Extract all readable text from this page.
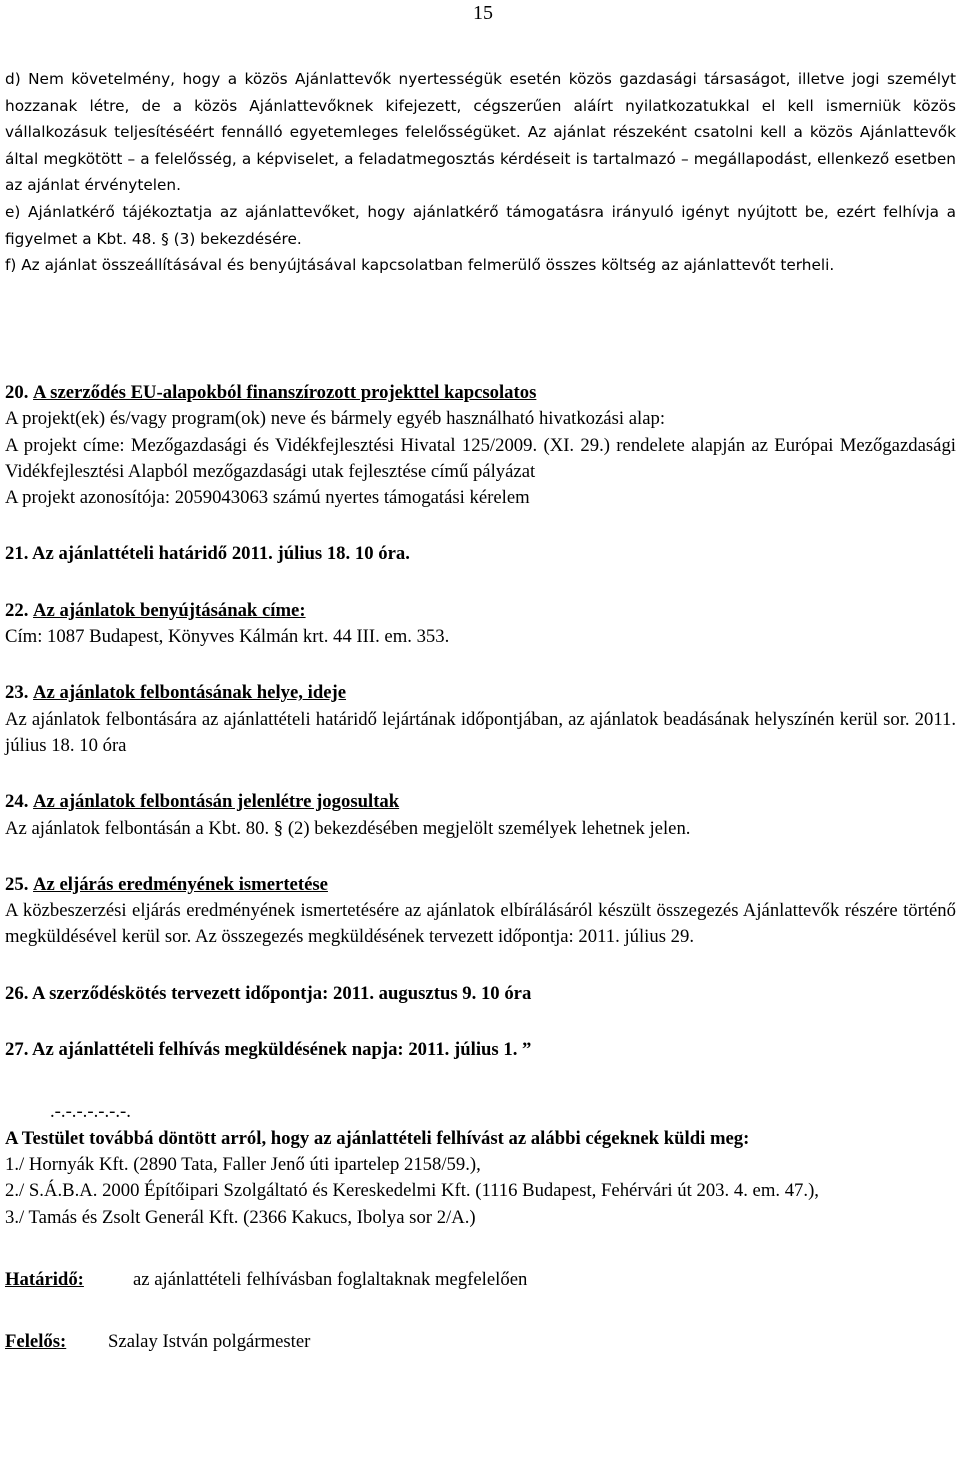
15

d) Nem követelmény, hogy a közös Ajánlattevők nyertességük esetén közös gazdasági társaságot, illetve jogi személyt hozzanak létre, de a közös Ajánlattevőknek kifejezett, cégszerűen aláírt nyilatkozatukkal el kell ismerniük közös vállalkozásuk teljesítéséért fennálló egyetemleges felelősségüket. Az ajánlat részeként csatolni kell a közös Ajánlattevők által megkötött – a felelősség, a képviselet, a feladatmegosztás kérdéseit is tartalmazó – megállapodást, ellenkező esetben az ajánlat érvénytelen.

e) Ajánlatkérő tájékoztatja az ajánlattevőket, hogy ajánlatkérő támogatásra irányuló igényt nyújtott be, ezért felhívja a figyelmet a Kbt. 48. § (3) bekezdésére.

f) Az ajánlat összeállításával és benyújtásával kapcsolatban felmerülő összes költség az ajánlattevőt terheli.

20. A szerződés EU-alapokból finanszírozott projekttel kapcsolatos

A projekt(ek) és/vagy program(ok) neve és bármely egyéb használható hivatkozási alap:

A projekt címe: Mezőgazdasági és Vidékfejlesztési Hivatal 125/2009. (XI. 29.) rendelete alapján az Európai Mezőgazdasági Vidékfejlesztési Alapból mezőgazdasági utak fejlesztése című pályázat

A projekt azonosítója: 2059043063 számú nyertes támogatási kérelem

21. Az ajánlattételi határidő 2011. július 18. 10 óra.

22. Az ajánlatok benyújtásának címe:

Cím: 1087 Budapest, Könyves Kálmán krt. 44 III. em. 353.

23. Az ajánlatok felbontásának helye, ideje

Az ajánlatok felbontására az ajánlattételi határidő lejártának időpontjában, az ajánlatok beadásának helyszínén kerül sor. 2011. július 18. 10 óra

24. Az ajánlatok felbontásán jelenlétre jogosultak

Az ajánlatok felbontásán a Kbt. 80. § (2) bekezdésében megjelölt személyek lehetnek jelen.

25. Az eljárás eredményének ismertetése

A közbeszerzési eljárás eredményének ismertetésére az ajánlatok elbírálásáról készült összegezés Ajánlattevők részére történő megküldésével kerül sor. Az összegezés megküldésének tervezett időpontja: 2011. július 29.

26. A szerződéskötés tervezett időpontja: 2011. augusztus 9. 10 óra

27. Az ajánlattételi felhívás megküldésének napja: 2011. július 1. ”

.-.-.-.-.-.-.-.

A Testület továbbá döntött arról, hogy az ajánlattételi felhívást az alábbi cégeknek küldi meg:

1./ Hornyák Kft. (2890 Tata, Faller Jenő úti ipartelep 2158/59.),

2./ S.Á.B.A. 2000 Építőipari Szolgáltató és Kereskedelmi Kft. (1116 Budapest, Fehérvári út 203. 4. em. 47.),

3./ Tamás és Zsolt Generál Kft. (2366 Kakucs, Ibolya sor 2/A.)

Határidő:	az ajánlattételi felhívásban foglaltaknak megfelelően
Felelős:	Szalay István polgármester
